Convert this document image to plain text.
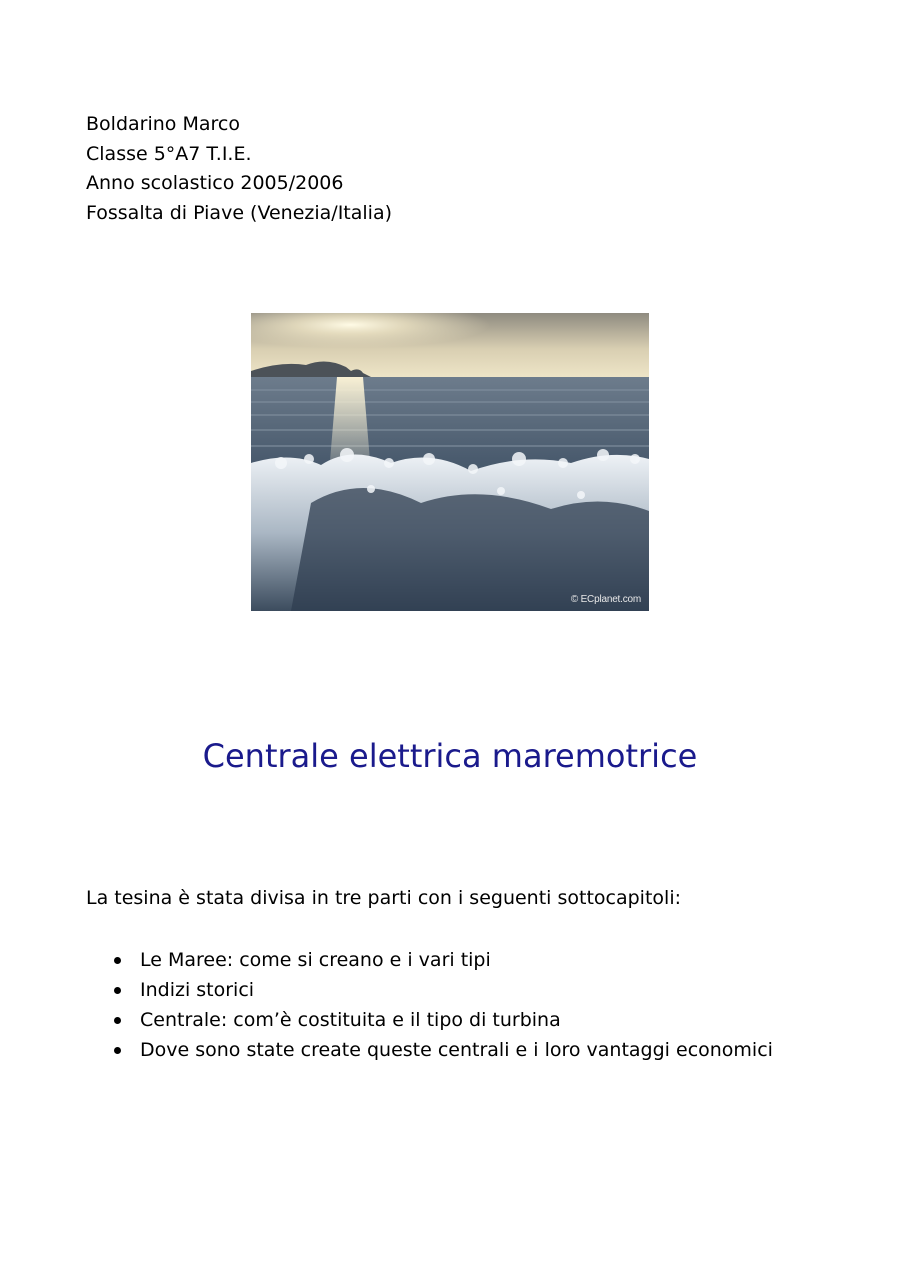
Boldarino Marco
Classe 5°A7 T.I.E.
Anno scolastico 2005/2006
Fossalta di Piave (Venezia/Italia)
© ECplanet.com
Centrale elettrica maremotrice
La tesina è stata divisa in tre parti con i seguenti sottocapitoli:
Le Maree: come si creano e i vari tipi
Indizi storici
Centrale: com’è costituita e il tipo di turbina
Dove sono state create queste centrali e i loro vantaggi economici
